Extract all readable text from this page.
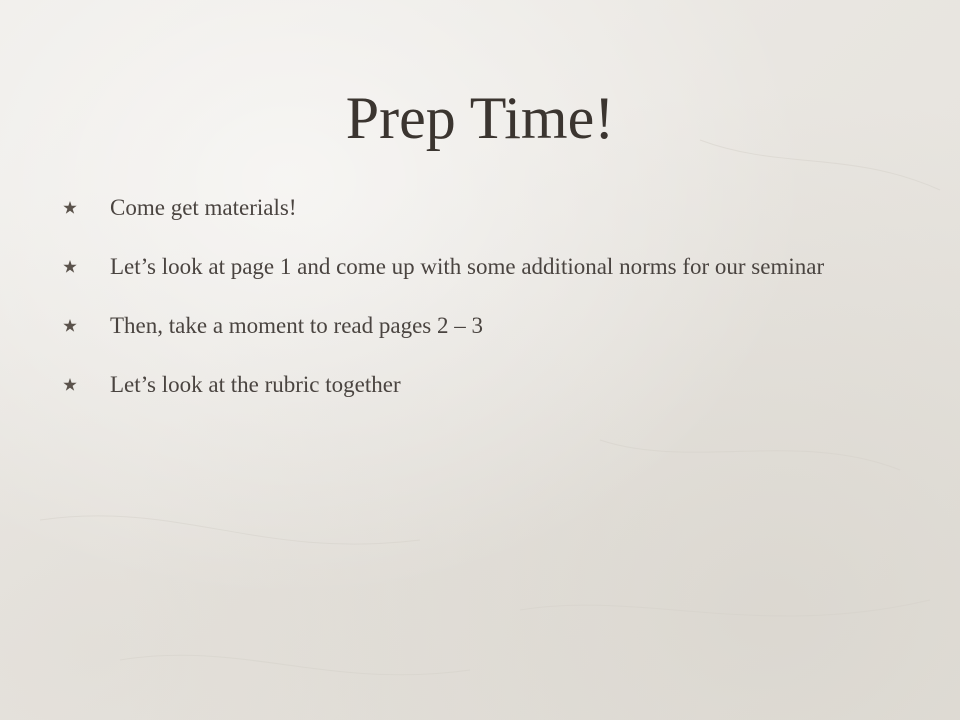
Prep Time!
Come get materials!
Let’s look at page 1 and come up with some additional norms for our seminar
Then, take a moment to read pages 2 – 3
Let’s look at the rubric together
